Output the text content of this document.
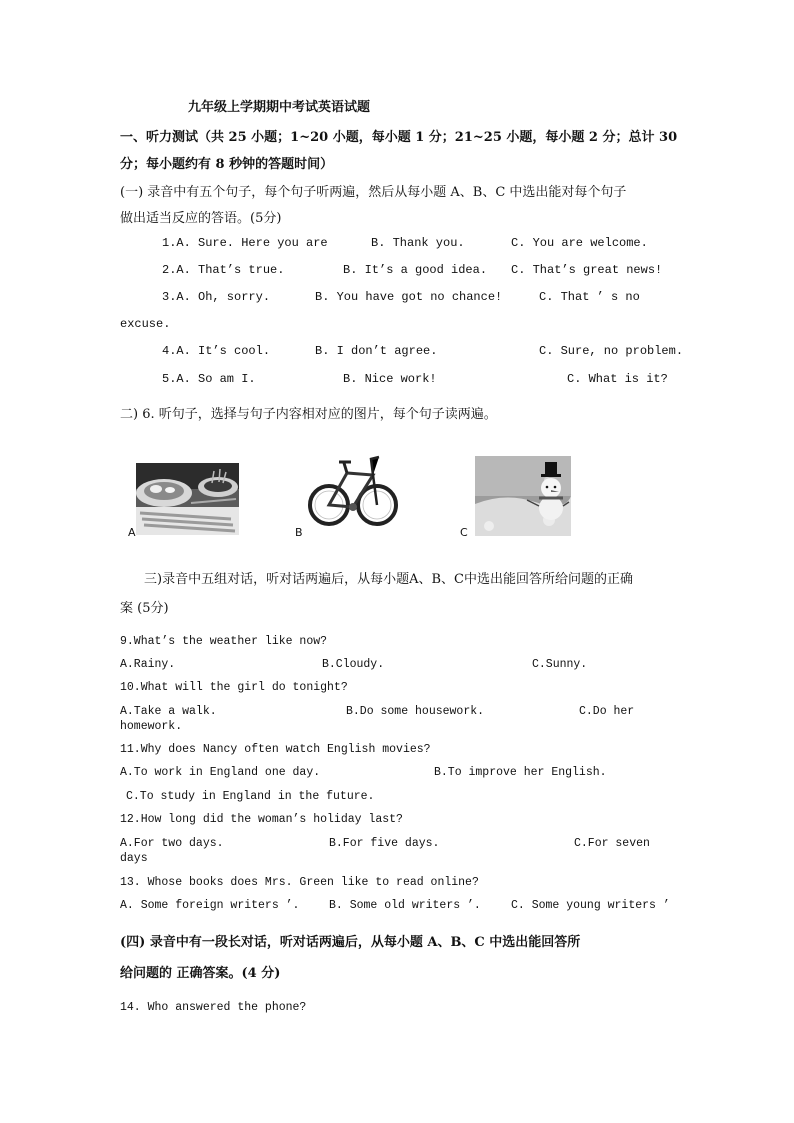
九年级上学期期中考试英语试题
一、听力测试（共 25 小题；1~20 小题，每小题 1 分；21~25 小题，每小题 2 分；总计 30
分；每小题约有 8 秒钟的答题时间）
(一) 录音中有五个句子，每个句子听两遍，然后从每小题 A、B、C 中选出能对每个句子
做出适当反应的答语。(5分)
1.A. Sure. Here you are	B. Thank you.	C. You are welcome.
2.A. That’s true.	B. It’s a good idea. C. That’s great news!
3.A. Oh, sorry.	B. You have got no chance!	C. That ’ s no
excuse.
4.A. It’s cool.	B. I don’t agree.	C. Sure, no problem.
5.A. So am I.	B. Nice work!	C. What is it?
二) 6. 听句子，选择与句子内容相对应的图片，每个句子读两遍。
A	B	C
三)录音中五组对话，听对话两遍后，从每小题A、B、C中选出能回答所给问题的正确
案 (5分)
9.What’s the weather like now?
A.Rainy.	B.Cloudy.	C.Sunny.
10.What will the girl do tonight?
A.Take a walk.	B.Do some housework.	C.Do her
homework.
11.Why does Nancy often watch English movies?
A.To work in England one day.	B.To improve her English.
C.To study in England in the future.
12.How long did the woman’s holiday last?
A.For two days.	B.For five days.	C.For seven
days
13. Whose books does Mrs. Green like to read online?
A. Some foreign writers ’.	B. Some old writers ’.	C. Some young writers ’
(四) 录音中有一段长对话，听对话两遍后，从每小题 A、B、C 中选出能回答所
给问题的 正确答案。(4 分)
14. Who answered the phone?
